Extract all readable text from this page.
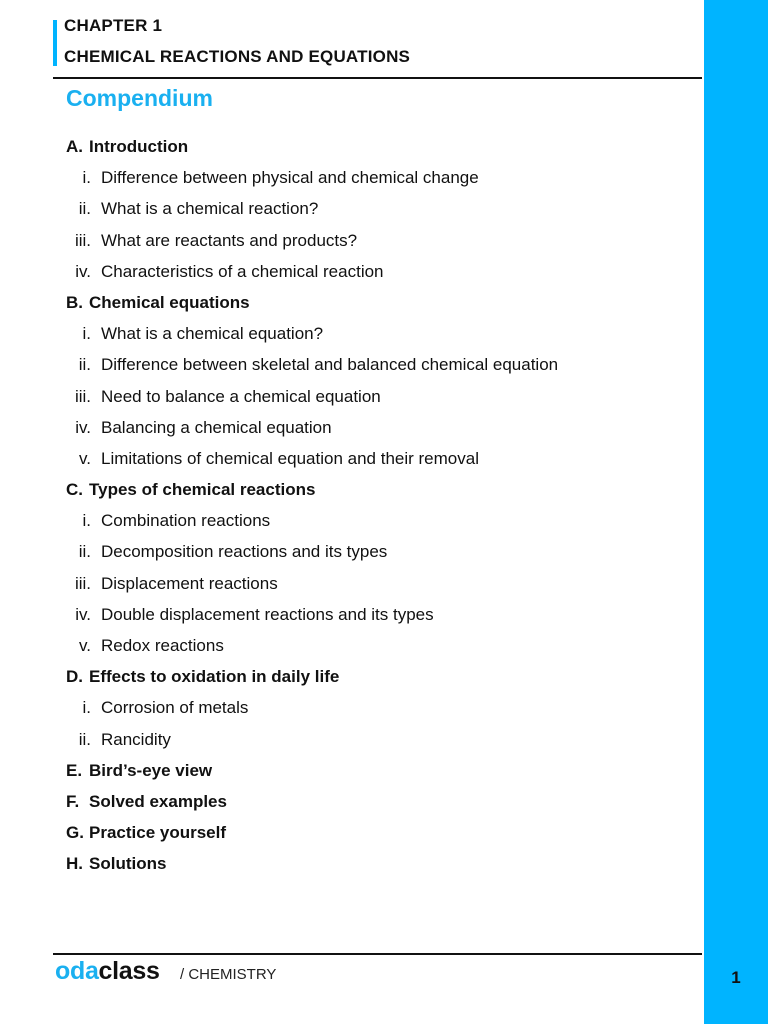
1
CHAPTER 1
CHEMICAL REACTIONS AND EQUATIONS
Compendium
A. Introduction
i. Difference between physical and chemical change
ii. What is a chemical reaction?
iii. What are reactants and products?
iv. Characteristics of a chemical reaction
B. Chemical equations
i. What is a chemical equation?
ii. Difference between skeletal and balanced chemical equation
iii. Need to balance a chemical equation
iv. Balancing a chemical equation
v. Limitations of chemical equation and their removal
C. Types of chemical reactions
i. Combination reactions
ii. Decomposition reactions and its types
iii. Displacement reactions
iv. Double displacement reactions and its types
v. Redox reactions
D. Effects to oxidation in daily life
i. Corrosion of metals
ii. Rancidity
E. Bird’s-eye view
F. Solved examples
G. Practice yourself
H. Solutions
odaclass / CHEMISTRY
